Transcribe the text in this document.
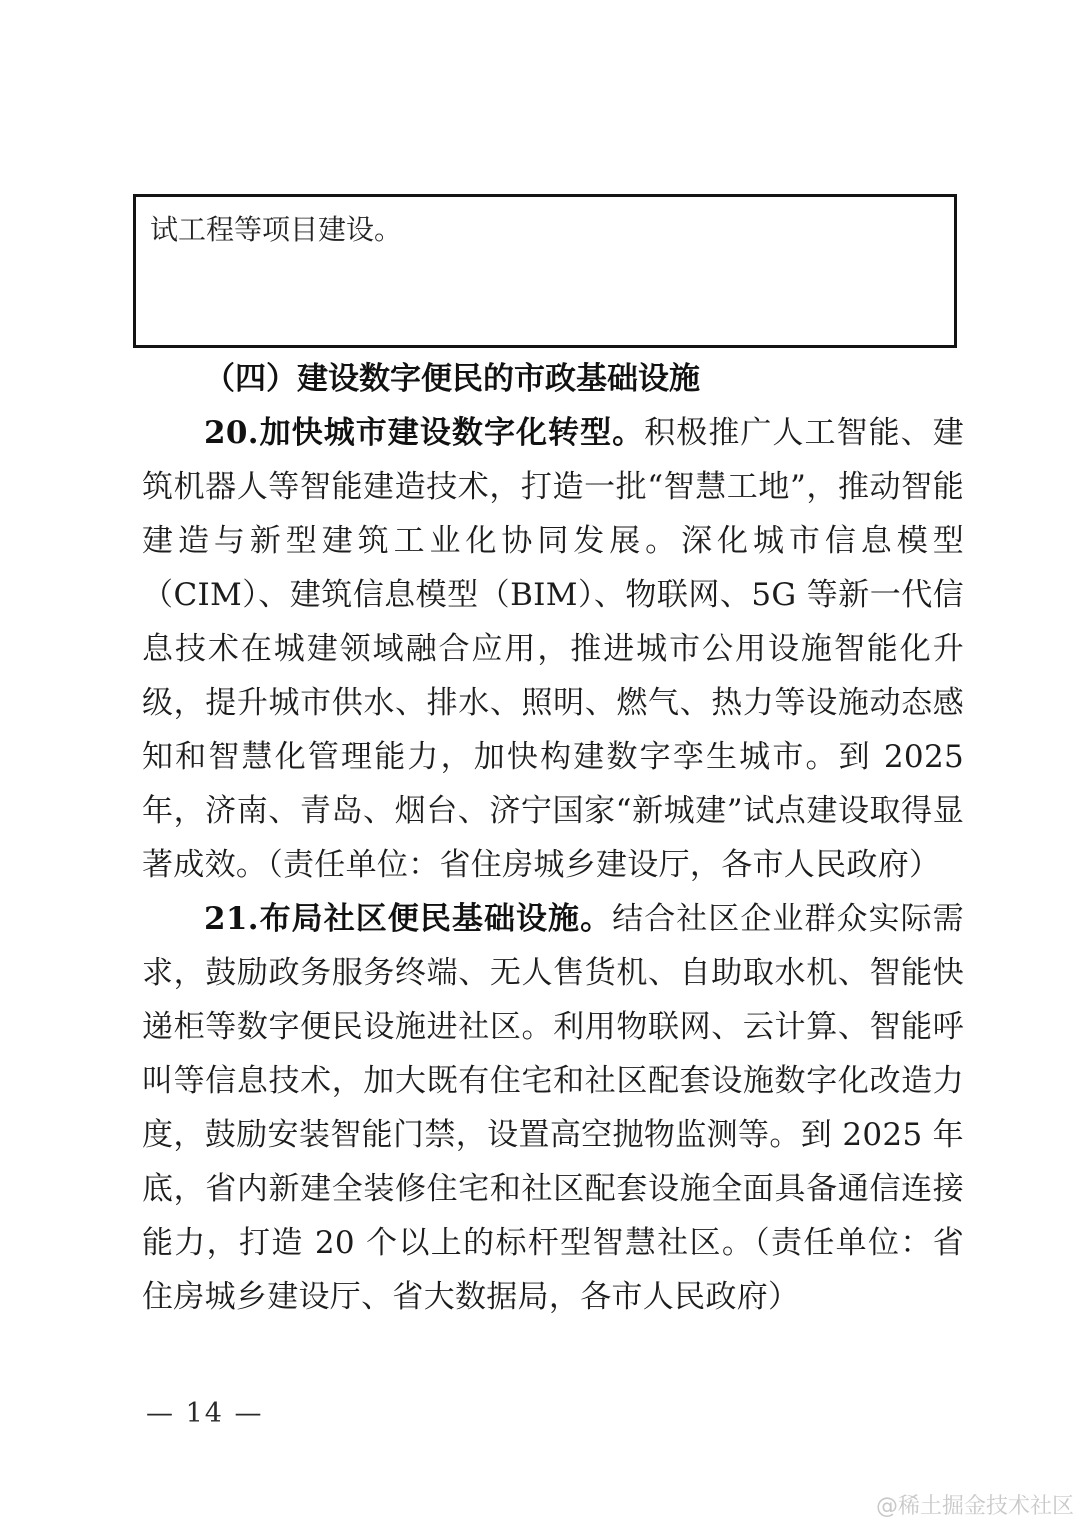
试工程等项目建设。
（四）建设数字便民的市政基础设施

20.加快城市建设数字化转型。积极推广人工智能、建筑机器人等智能建造技术，打造一批“智慧工地”，推动智能建造与新型建筑工业化协同发展。深化城市信息模型（CIM）、建筑信息模型（BIM）、物联网、5G 等新一代信息技术在城建领域融合应用，推进城市公用设施智能化升级，提升城市供水、排水、照明、燃气、热力等设施动态感知和智慧化管理能力，加快构建数字孪生城市。到 2025 年，济南、青岛、烟台、济宁国家“新城建”试点建设取得显著成效。（责任单位：省住房城乡建设厅，各市人民政府）

21.布局社区便民基础设施。结合社区企业群众实际需求，鼓励政务服务终端、无人售货机、自助取水机、智能快递柜等数字便民设施进社区。利用物联网、云计算、智能呼叫等信息技术，加大既有住宅和社区配套设施数字化改造力度，鼓励安装智能门禁，设置高空抛物监测等。到 2025 年底，省内新建全装修住宅和社区配套设施全面具备通信连接能力，打造 20 个以上的标杆型智慧社区。（责任单位：省住房城乡建设厅、省大数据局，各市人民政府）

— 14 —
@稀土掘金技术社区
